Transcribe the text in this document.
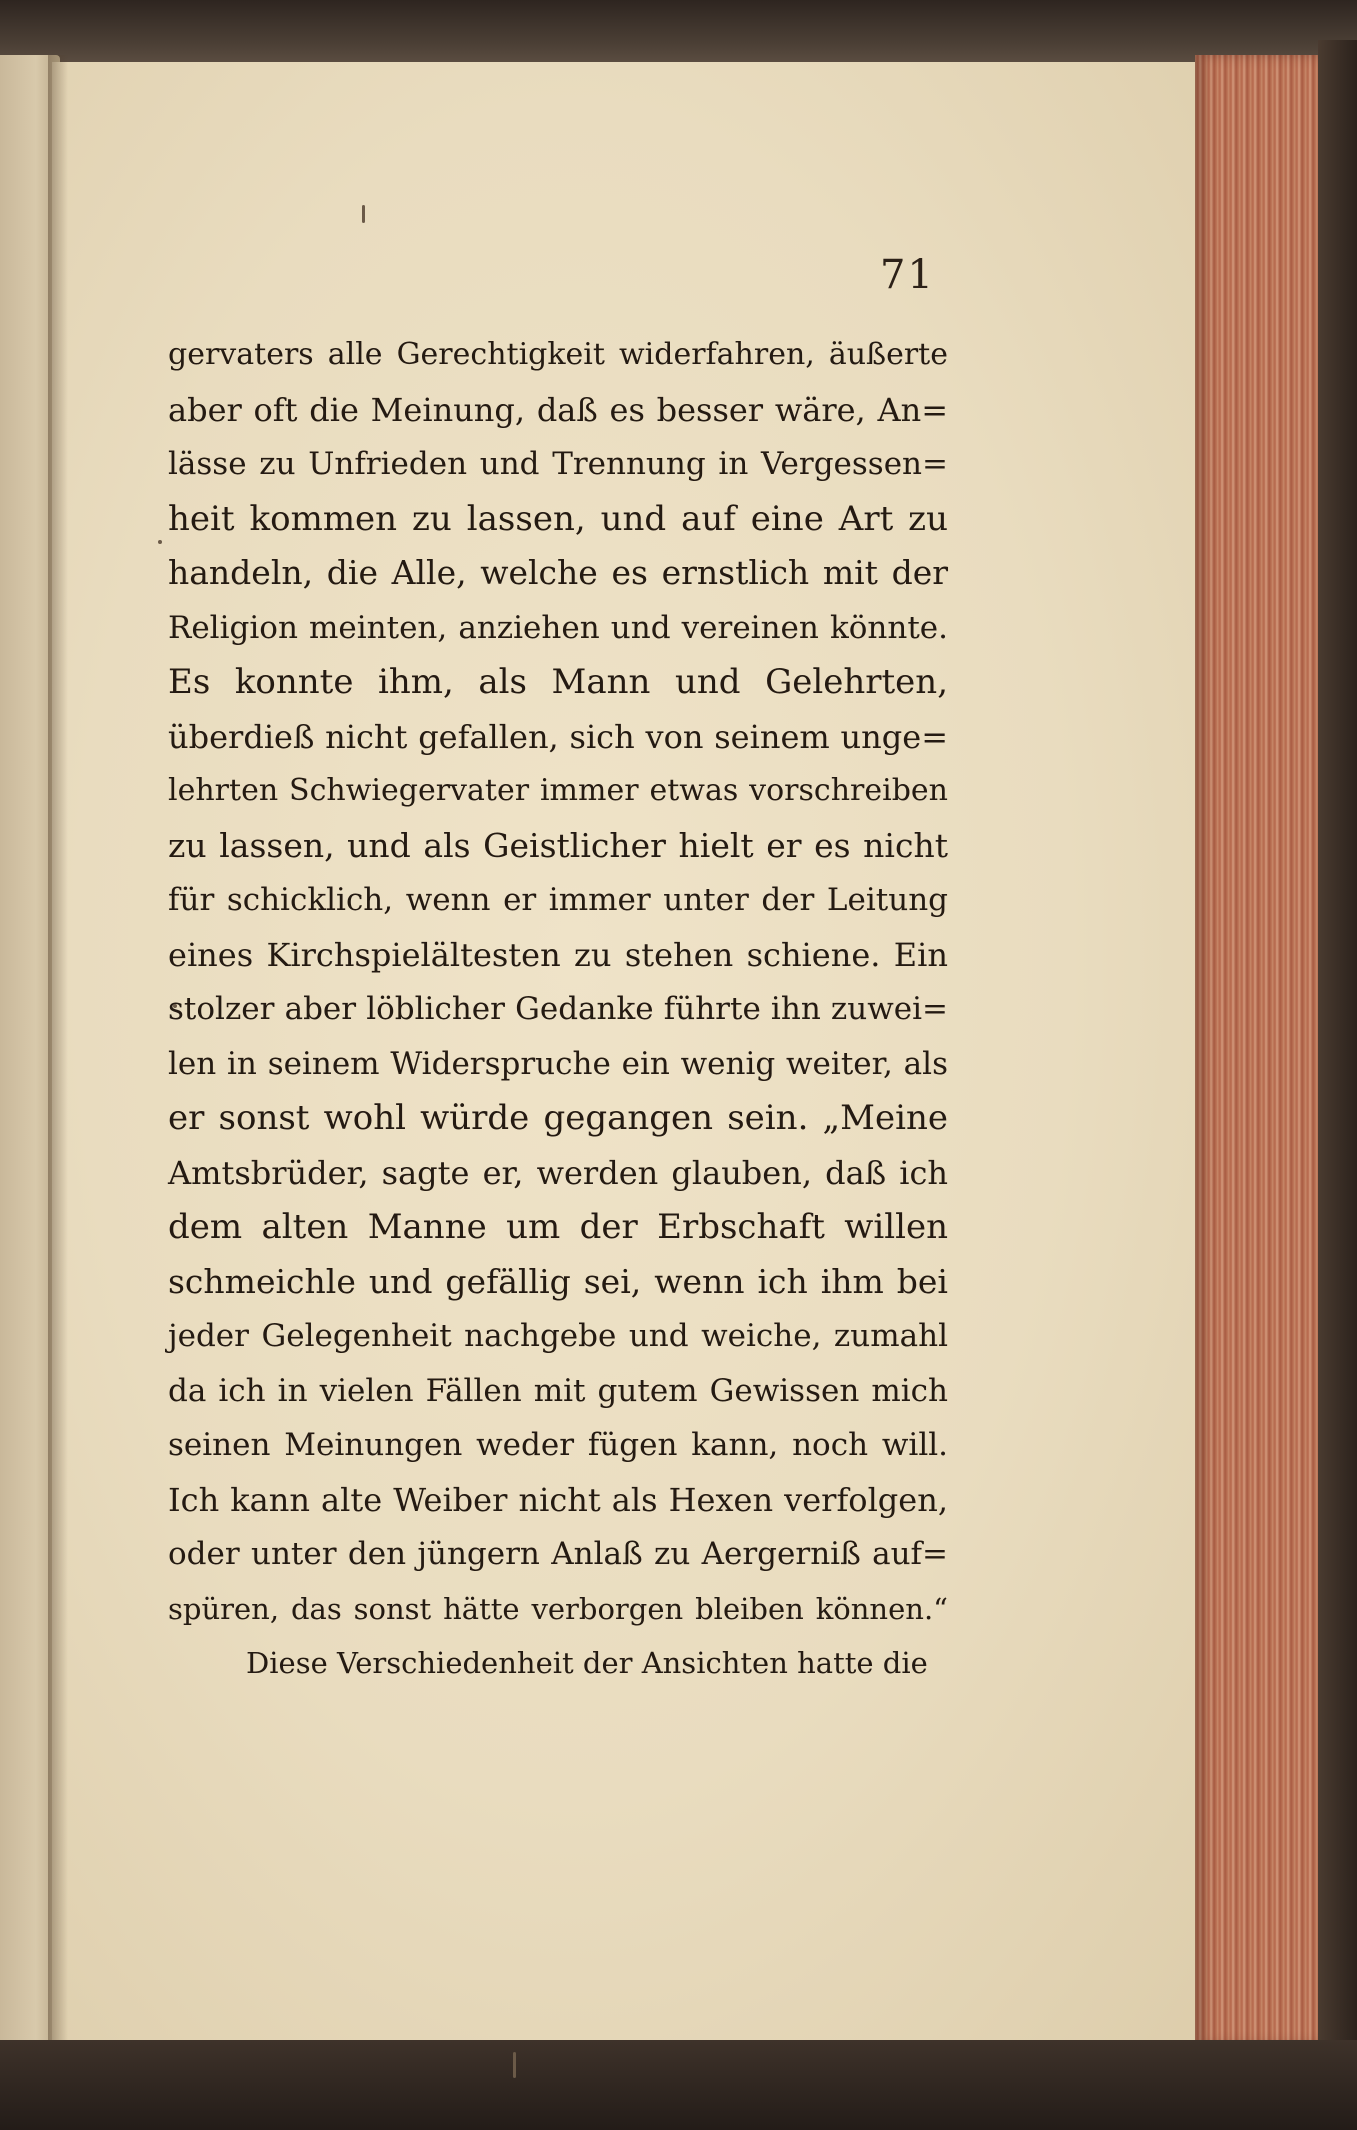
71
gervaters alle Gerechtigkeit widerfahren, äußerte
aber oft die Meinung, daß es besser wäre, An=
lässe zu Unfrieden und Trennung in Vergessen=
heit kommen zu lassen, und auf eine Art zu
handeln, die Alle, welche es ernstlich mit der
Religion meinten, anziehen und vereinen könnte.
Es konnte ihm, als Mann und Gelehrten,
überdieß nicht gefallen, sich von seinem unge=
lehrten Schwiegervater immer etwas vorschreiben
zu lassen, und als Geistlicher hielt er es nicht
für schicklich, wenn er immer unter der Leitung
eines Kirchspielältesten zu stehen schiene. Ein
stolzer aber löblicher Gedanke führte ihn zuwei=
len in seinem Widerspruche ein wenig weiter, als
er sonst wohl würde gegangen sein. „Meine
Amtsbrüder, sagte er, werden glauben, daß ich
dem alten Manne um der Erbschaft willen
schmeichle und gefällig sei, wenn ich ihm bei
jeder Gelegenheit nachgebe und weiche, zumahl
da ich in vielen Fällen mit gutem Gewissen mich
seinen Meinungen weder fügen kann, noch will.
Ich kann alte Weiber nicht als Hexen verfolgen,
oder unter den jüngern Anlaß zu Aergerniß auf=
spüren, das sonst hätte verborgen bleiben können.“
Diese Verschiedenheit der Ansichten hatte die
